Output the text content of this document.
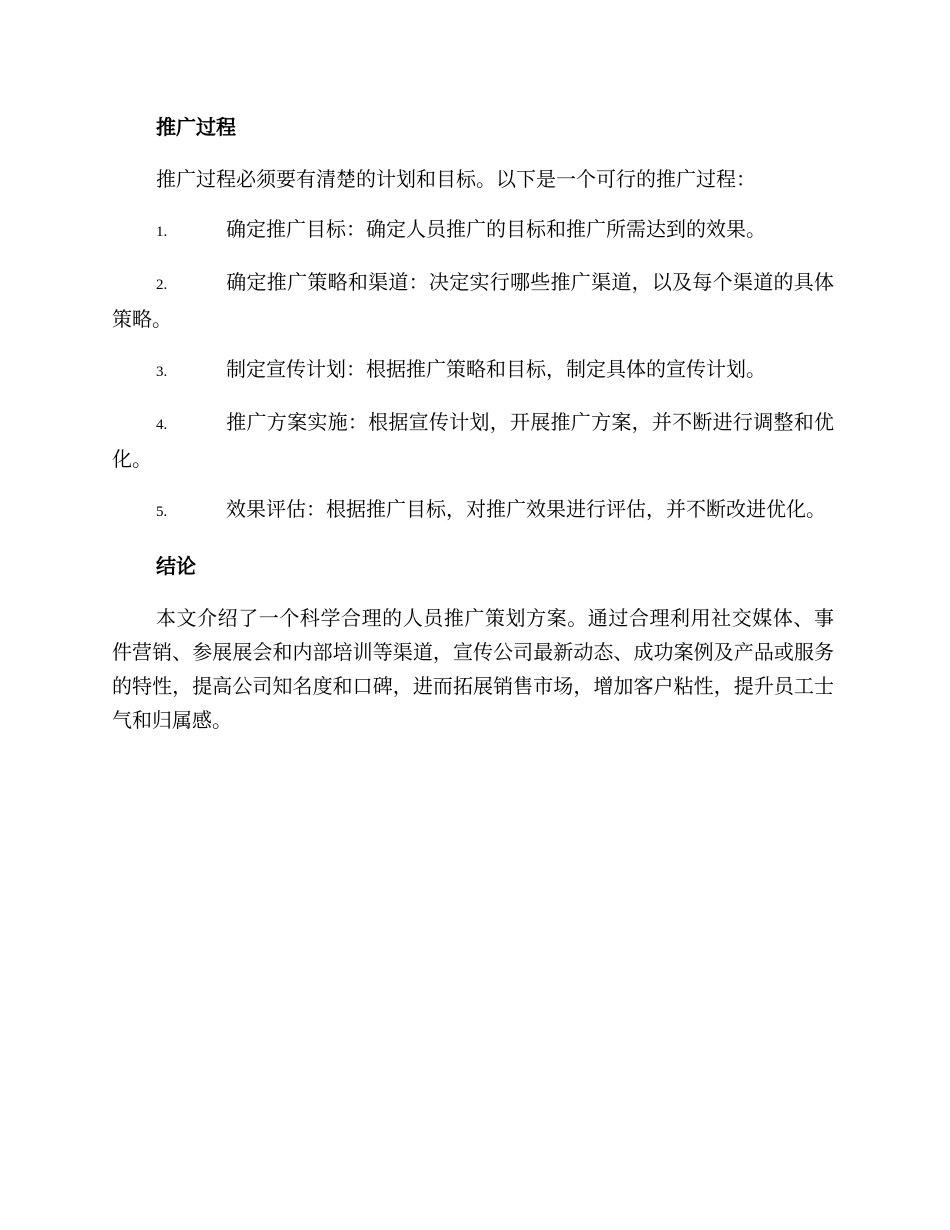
推广过程

推广过程必须要有清楚的计划和目标。以下是一个可行的推广过程：

1.	确定推广目标：确定人员推广的目标和推广所需达到的效果。

2.	确定推广策略和渠道：决定实行哪些推广渠道，以及每个渠道的具体策略。

3.	制定宣传计划：根据推广策略和目标，制定具体的宣传计划。

4.	推广方案实施：根据宣传计划，开展推广方案，并不断进行调整和优化。

5.	效果评估：根据推广目标，对推广效果进行评估，并不断改进优化。

结论

本文介绍了一个科学合理的人员推广策划方案。通过合理利用社交媒体、事件营销、参展展会和内部培训等渠道，宣传公司最新动态、成功案例及产品或服务的特性，提高公司知名度和口碑，进而拓展销售市场，增加客户粘性，提升员工士气和归属感。
